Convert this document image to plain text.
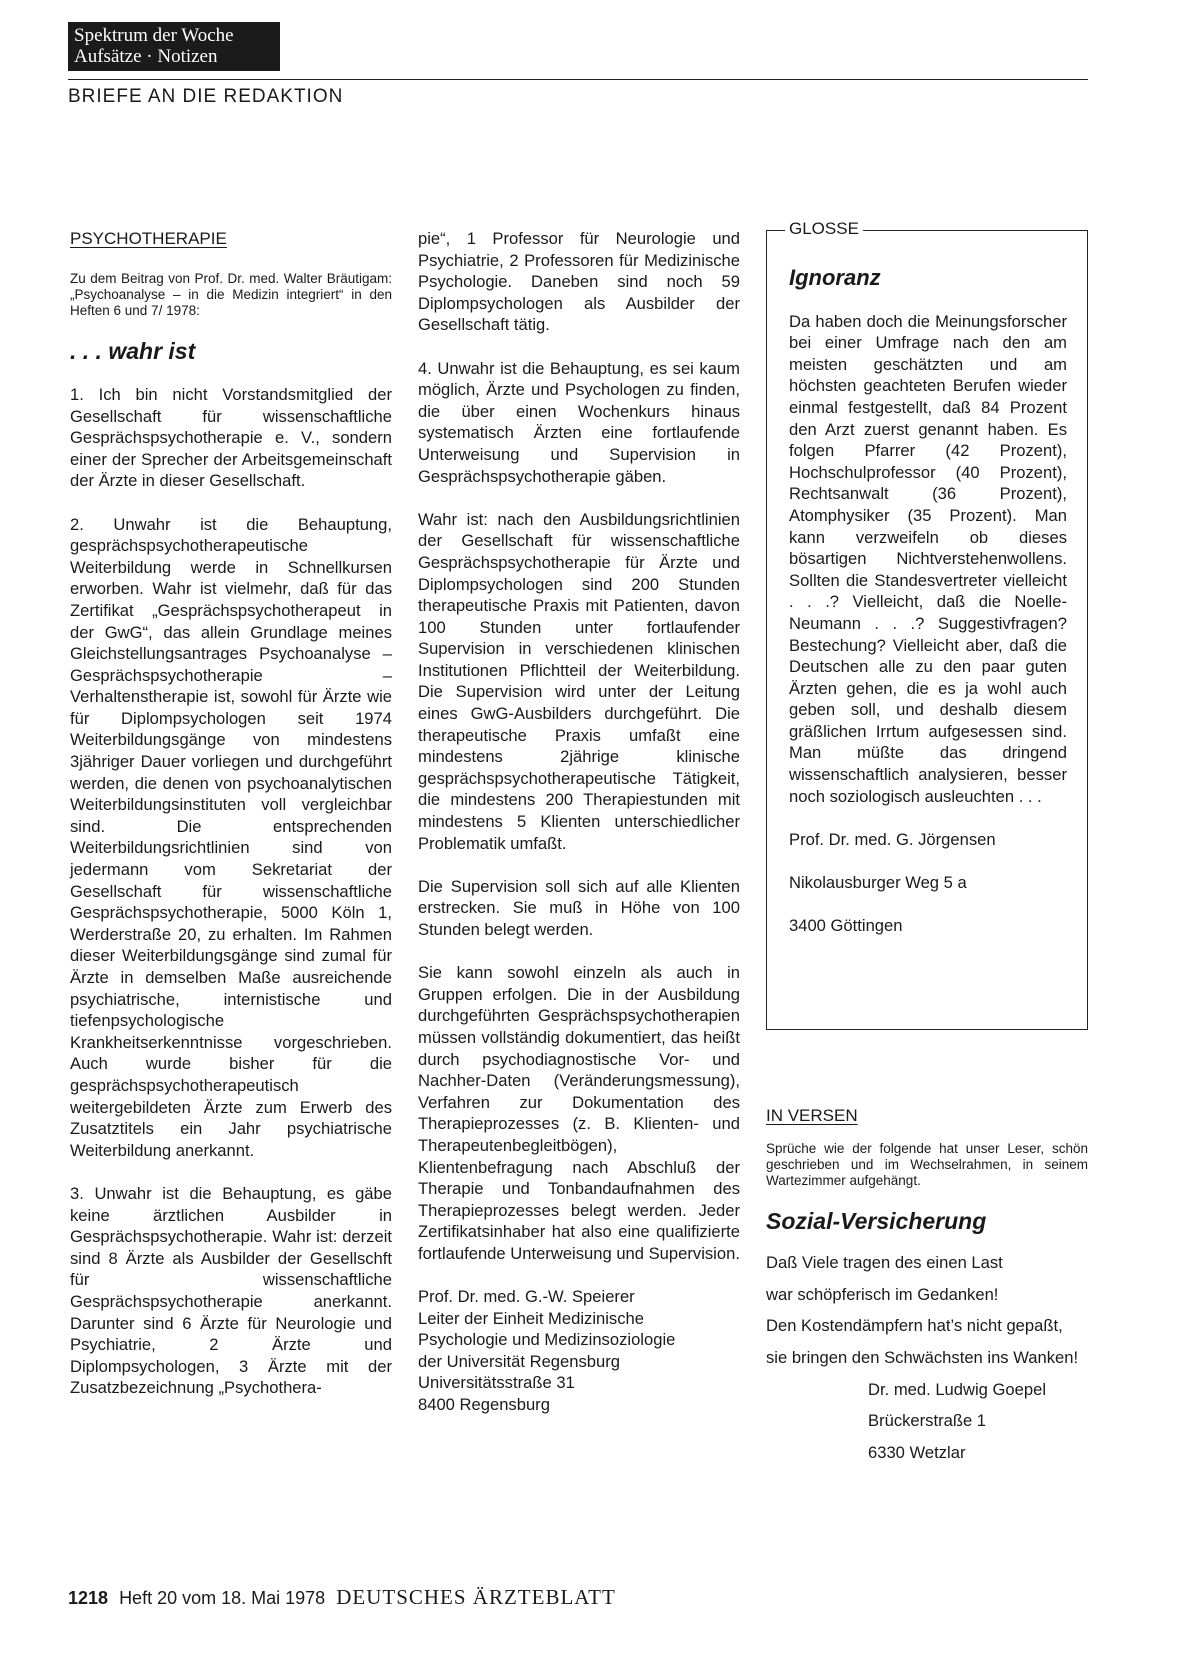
Spektrum der Woche
Aufsätze · Notizen
BRIEFE AN DIE REDAKTION

PSYCHOTHERAPIE

Zu dem Beitrag von Prof. Dr. med. Walter Bräutigam: „Psychoanalyse – in die Medizin integriert“ in den Heften 6 und 7/ 1978:

. . . wahr ist

1. Ich bin nicht Vorstandsmitglied der Gesellschaft für wissenschaftliche Gesprächspsychotherapie e. V., sondern einer der Sprecher der Arbeitsgemeinschaft der Ärzte in dieser Gesellschaft.

2. Unwahr ist die Behauptung, gesprächspsychotherapeutische Weiterbildung werde in Schnellkursen erworben. Wahr ist vielmehr, daß für das Zertifikat „Gesprächspsychotherapeut in der GwG“, das allein Grundlage meines Gleichstellungsantrages Psychoanalyse – Gesprächspsychotherapie – Verhaltenstherapie ist, sowohl für Ärzte wie für Diplompsychologen seit 1974 Weiterbildungsgänge von mindestens 3jähriger Dauer vorliegen und durchgeführt werden, die denen von psychoanalytischen Weiterbildungsinstituten voll vergleichbar sind. Die entsprechenden Weiterbildungsrichtlinien sind von jedermann vom Sekretariat der Gesellschaft für wissenschaftliche Gesprächspsychotherapie, 5000 Köln 1, Werderstraße 20, zu erhalten. Im Rahmen dieser Weiterbildungsgänge sind zumal für Ärzte in demselben Maße ausreichende psychiatrische, internistische und tiefenpsychologische Krankheitserkenntnisse vorgeschrieben. Auch wurde bisher für die gesprächspsychotherapeutisch weitergebildeten Ärzte zum Erwerb des Zusatztitels ein Jahr psychiatrische Weiterbildung anerkannt.

3. Unwahr ist die Behauptung, es gäbe keine ärztlichen Ausbilder in Gesprächspsychotherapie. Wahr ist: derzeit sind 8 Ärzte als Ausbilder der Gesellschft für wissenschaftliche Gesprächspsychotherapie anerkannt. Darunter sind 6 Ärzte für Neurologie und Psychiatrie, 2 Ärzte und Diplompsychologen, 3 Ärzte mit der Zusatzbezeichnung „Psychothera-

pie“, 1 Professor für Neurologie und Psychiatrie, 2 Professoren für Medizinische Psychologie. Daneben sind noch 59 Diplompsychologen als Ausbilder der Gesellschaft tätig.

4. Unwahr ist die Behauptung, es sei kaum möglich, Ärzte und Psychologen zu finden, die über einen Wochenkurs hinaus systematisch Ärzten eine fortlaufende Unterweisung und Supervision in Gesprächspsychotherapie gäben.

Wahr ist: nach den Ausbildungsrichtlinien der Gesellschaft für wissenschaftliche Gesprächspsychotherapie für Ärzte und Diplompsychologen sind 200 Stunden therapeutische Praxis mit Patienten, davon 100 Stunden unter fortlaufender Supervision in verschiedenen klinischen Institutionen Pflichtteil der Weiterbildung. Die Supervision wird unter der Leitung eines GwG-Ausbilders durchgeführt. Die therapeutische Praxis umfaßt eine mindestens 2jährige klinische gesprächspsychotherapeutische Tätigkeit, die mindestens 200 Therapiestunden mit mindestens 5 Klienten unterschiedlicher Problematik umfaßt.

Die Supervision soll sich auf alle Klienten erstrecken. Sie muß in Höhe von 100 Stunden belegt werden.

Sie kann sowohl einzeln als auch in Gruppen erfolgen. Die in der Ausbildung durchgeführten Gesprächspsychotherapien müssen vollständig dokumentiert, das heißt durch psychodiagnostische Vor- und Nachher-Daten (Veränderungsmessung), Verfahren zur Dokumentation des Therapieprozesses (z. B. Klienten- und Therapeutenbegleitbögen), Klientenbefragung nach Abschluß der Therapie und Tonbandaufnahmen des Therapieprozesses belegt werden. Jeder Zertifikatsinhaber hat also eine qualifizierte fortlaufende Unterweisung und Supervision.

Prof. Dr. med. G.-W. Speierer

Leiter der Einheit Medizinische

Psychologie und Medizinsoziologie

der Universität Regensburg

Universitätsstraße 31

8400 Regensburg

GLOSSE

Ignoranz

Da haben doch die Meinungsforscher bei einer Umfrage nach den am meisten geschätzten und am höchsten geachteten Berufen wieder einmal festgestellt, daß 84 Prozent den Arzt zuerst genannt haben. Es folgen Pfarrer (42 Prozent), Hochschulprofessor (40 Prozent), Rechtsanwalt (36 Prozent), Atomphysiker (35 Prozent). Man kann verzweifeln ob dieses bösartigen Nichtverstehenwollens. Sollten die Standesvertreter vielleicht . . .? Vielleicht, daß die Noelle-Neumann . . .? Suggestivfragen? Bestechung? Vielleicht aber, daß die Deutschen alle zu den paar guten Ärzten gehen, die es ja wohl auch geben soll, und deshalb diesem gräßlichen Irrtum aufgesessen sind. Man müßte das dringend wissenschaftlich analysieren, besser noch soziologisch ausleuchten . . .

Prof. Dr. med. G. Jörgensen

Nikolausburger Weg 5 a

3400 Göttingen

IN VERSEN

Sprüche wie der folgende hat unser Leser, schön geschrieben und im Wechselrahmen, in seinem Wartezimmer aufgehängt.

Sozial-Versicherung

Daß Viele tragen des einen Last

war schöpferisch im Gedanken!

Den Kostendämpfern hat’s nicht gepaßt,

sie bringen den Schwächsten ins Wanken!

Dr. med. Ludwig Goepel

Brückerstraße 1

6330 Wetzlar

1218 Heft 20 vom 18. Mai 1978 DEUTSCHES ÄRZTEBLATT
